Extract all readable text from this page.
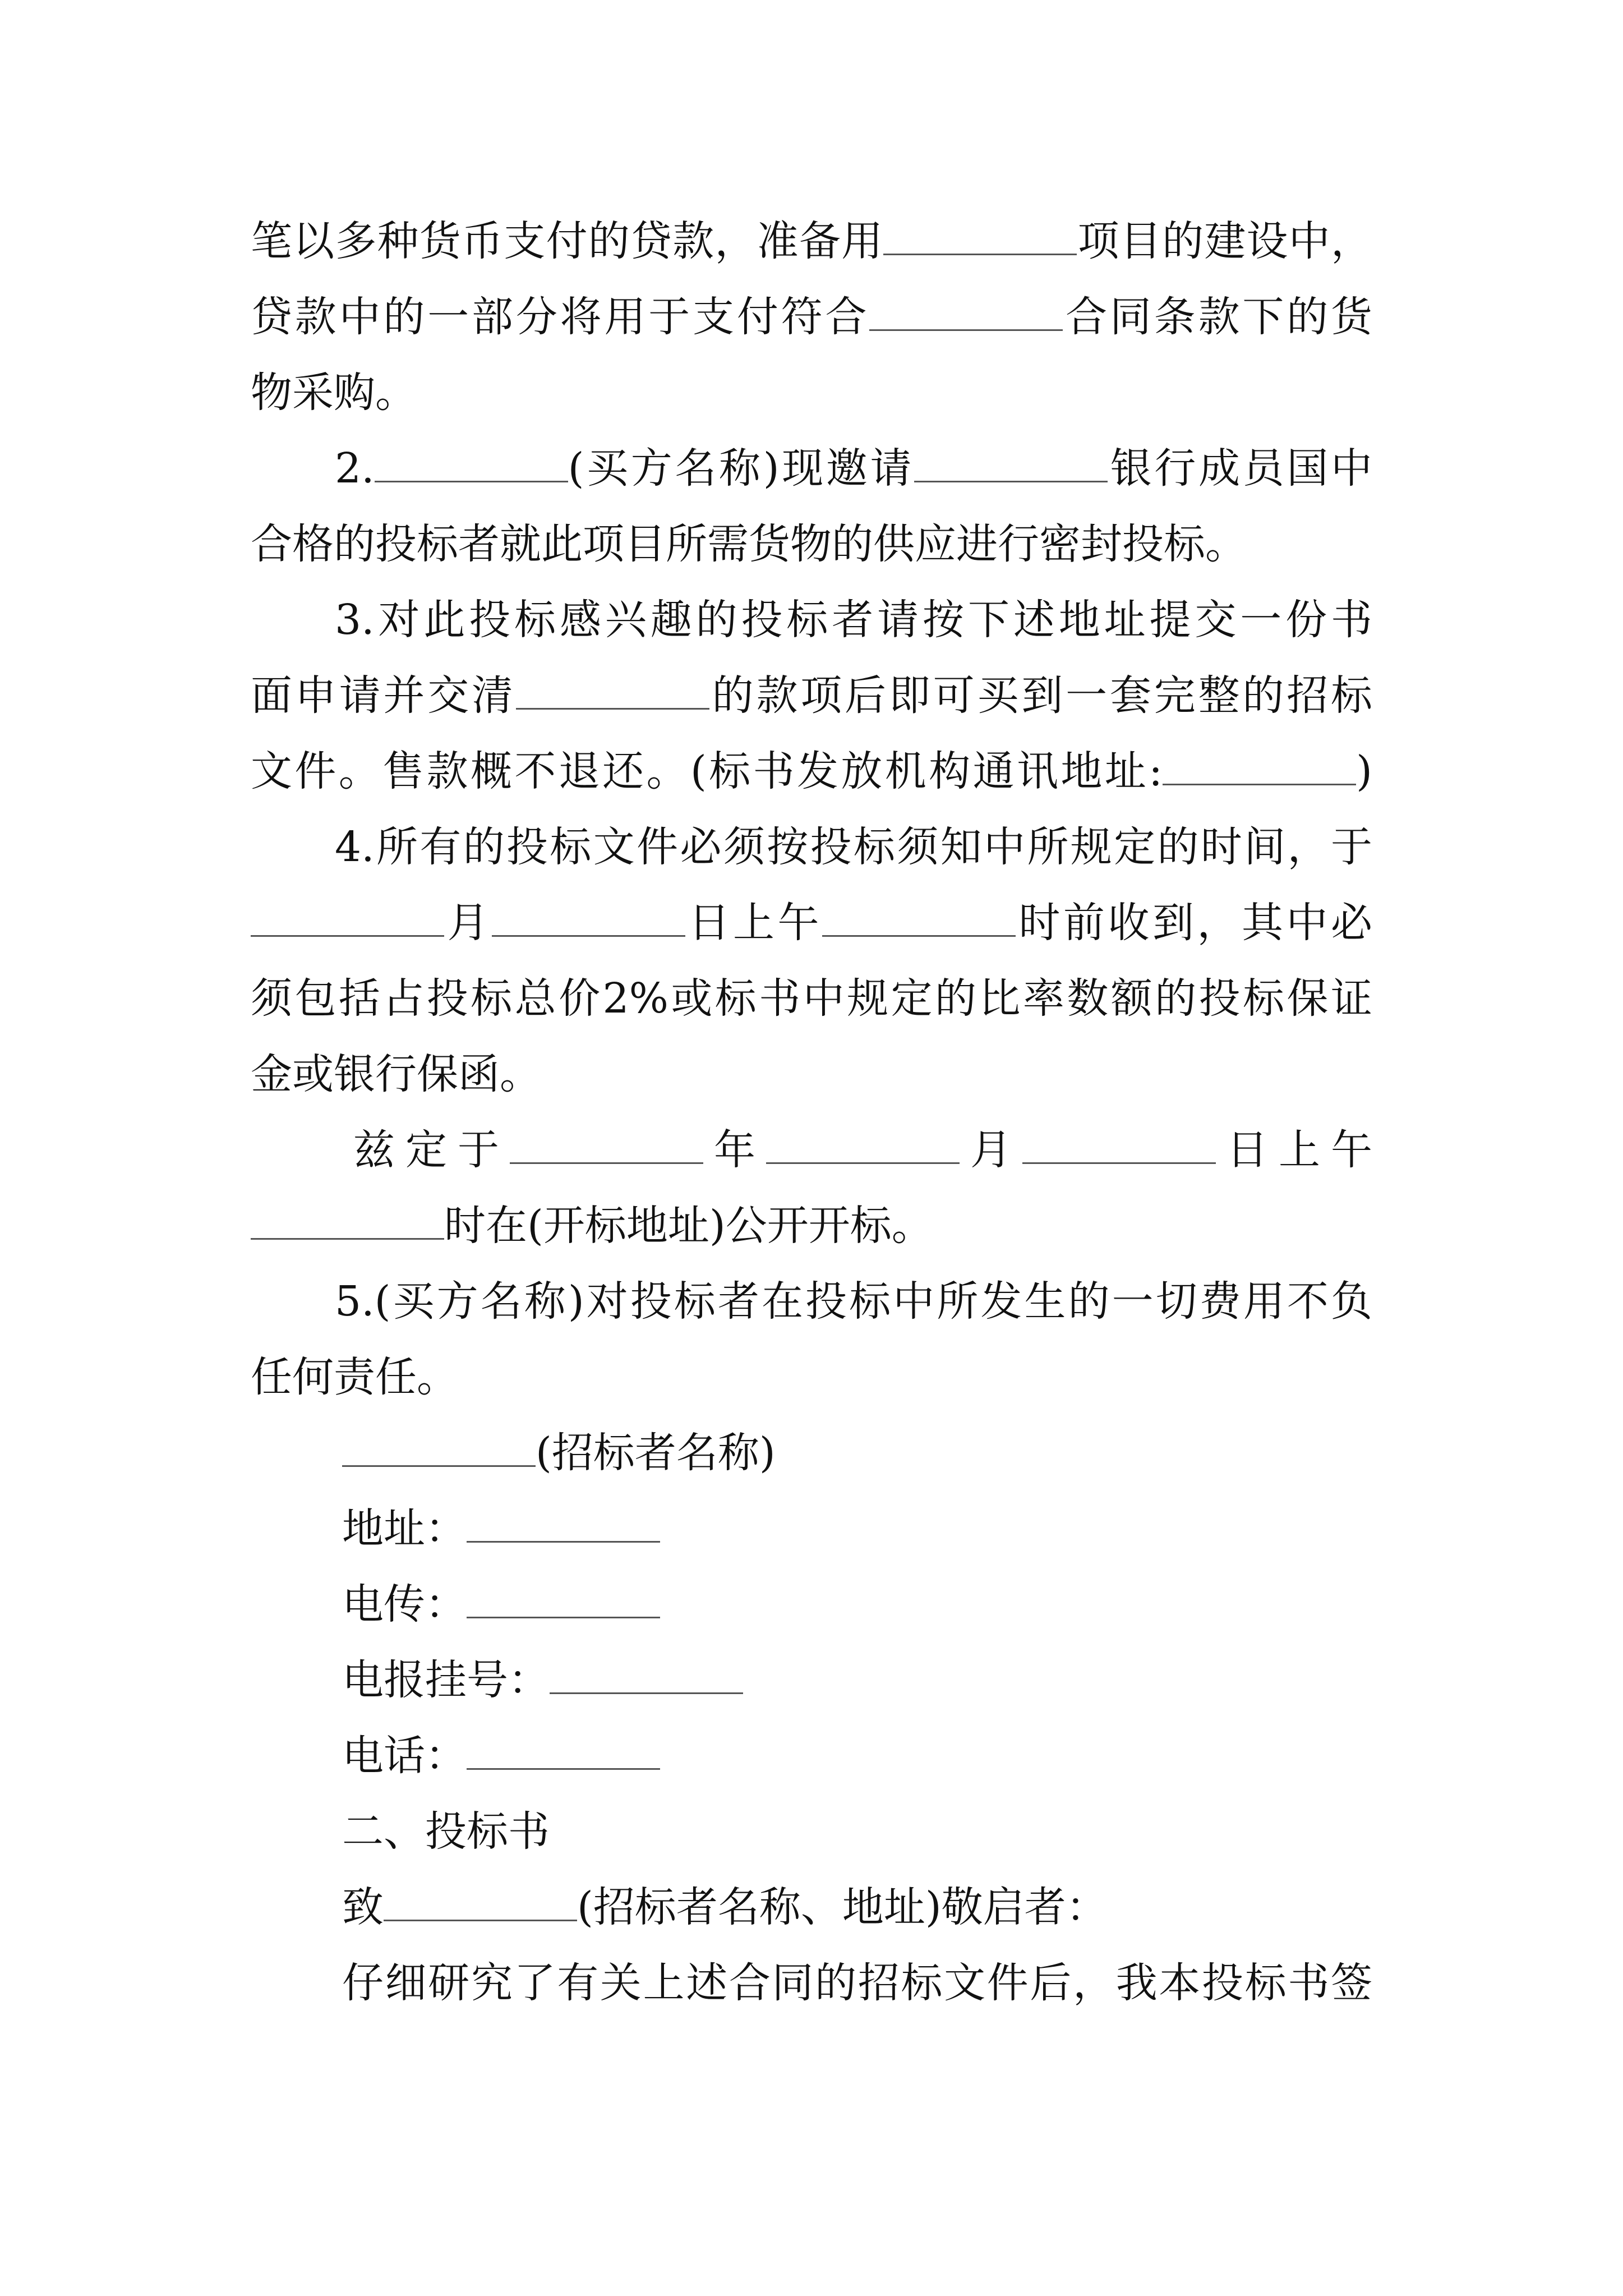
笔以多种货币支付的贷款，准备用	项目的建设中，
贷款中的一部分将用于支付符合	合同条款下的货
物采购。
2.	(买方名称)现邀请	银行成员国中
合格的投标者就此项目所需货物的供应进行密封投标。
3.对此投标感兴趣的投标者请按下述地址提交一份书
面申请并交清	的款项后即可买到一套完整的招标
文件。售款概不退还。(标书发放机构通讯地址:	)
4.所有的投标文件必须按投标须知中所规定的时间，于
月	日上午	时前收到，其中必
须包括占投标总价2%或标书中规定的比率数额的投标保证
金或银行保函。
兹定于	年	月	日上午
时在(开标地址)公开开标。
5.(买方名称)对投标者在投标中所发生的一切费用不负
任何责任。
(招标者名称)
地址：
电传：
电报挂号：
电话：
二、投标书
致	(招标者名称、地址)敬启者：
仔细研究了有关上述合同的招标文件后，我本投标书签
